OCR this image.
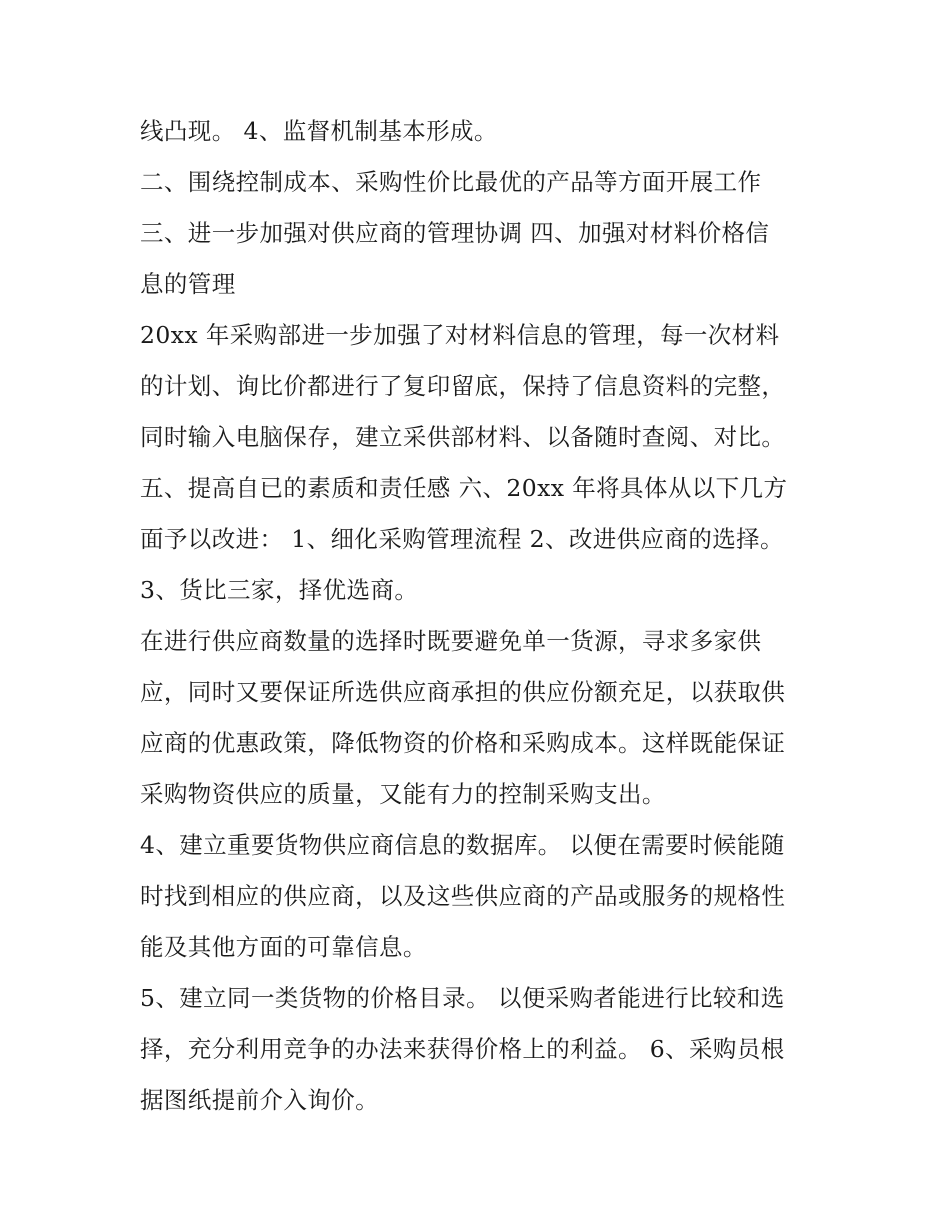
线凸现。 4、监督机制基本形成。
二、围绕控制成本、采购性价比最优的产品等方面开展工作
三、进一步加强对供应商的管理协调 四、加强对材料价格信
息的管理
20xx 年采购部进一步加强了对材料信息的管理，每一次材料
的计划、询比价都进行了复印留底，保持了信息资料的完整，
同时输入电脑保存，建立采供部材料、以备随时查阅、对比。
五、提高自已的素质和责任感 六、20xx 年将具体从以下几方
面予以改进： 1、细化采购管理流程 2、改进供应商的选择。
3、货比三家，择优选商。
在进行供应商数量的选择时既要避免单一货源，寻求多家供
应，同时又要保证所选供应商承担的供应份额充足，以获取供
应商的优惠政策，降低物资的价格和采购成本。这样既能保证
采购物资供应的质量，又能有力的控制采购支出。
4、建立重要货物供应商信息的数据库。 以便在需要时候能随
时找到相应的供应商，以及这些供应商的产品或服务的规格性
能及其他方面的可靠信息。
5、建立同一类货物的价格目录。 以便采购者能进行比较和选
择，充分利用竞争的办法来获得价格上的利益。 6、采购员根
据图纸提前介入询价。
